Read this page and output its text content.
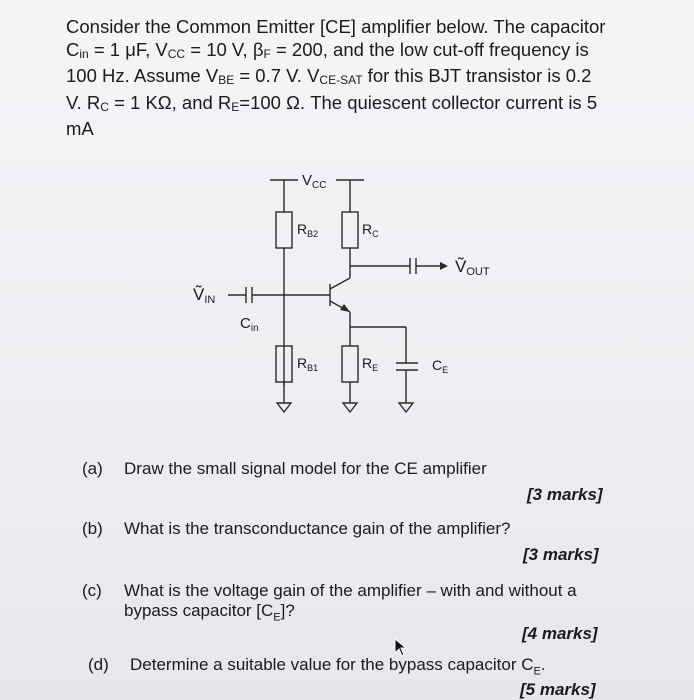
Consider the Common Emitter [CE] amplifier below. The capacitor
$C_{in} = 1$ μF, $V_{CC} = 10$ V, $\beta_F = 200$, and the low cut-off frequency is
100 Hz. Assume $V_{BE} = 0.7$ V. $V_{CE-SAT}$ for this BJT transistor is 0.2
V. $R_C = 1$ KΩ, and $R_E=100$ Ω. The quiescent collector current is 5
mA

$V_{CC}$
$R_{B2}$	$R_C$
ṼOUT
ṼIN
$C_{in}$
$R_{B1}$	$R_E$	$C_E$
(a) Draw the small signal model for the CE amplifier
[3 marks]
(b) What is the transconductance gain of the amplifier?
[3 marks]
(c) What is the voltage gain of the amplifier – with and without a
bypass capacitor $[C_E]$?
[4 marks]
(d) Determine a suitable value for the bypass capacitor $C_E$.
[5 marks]
